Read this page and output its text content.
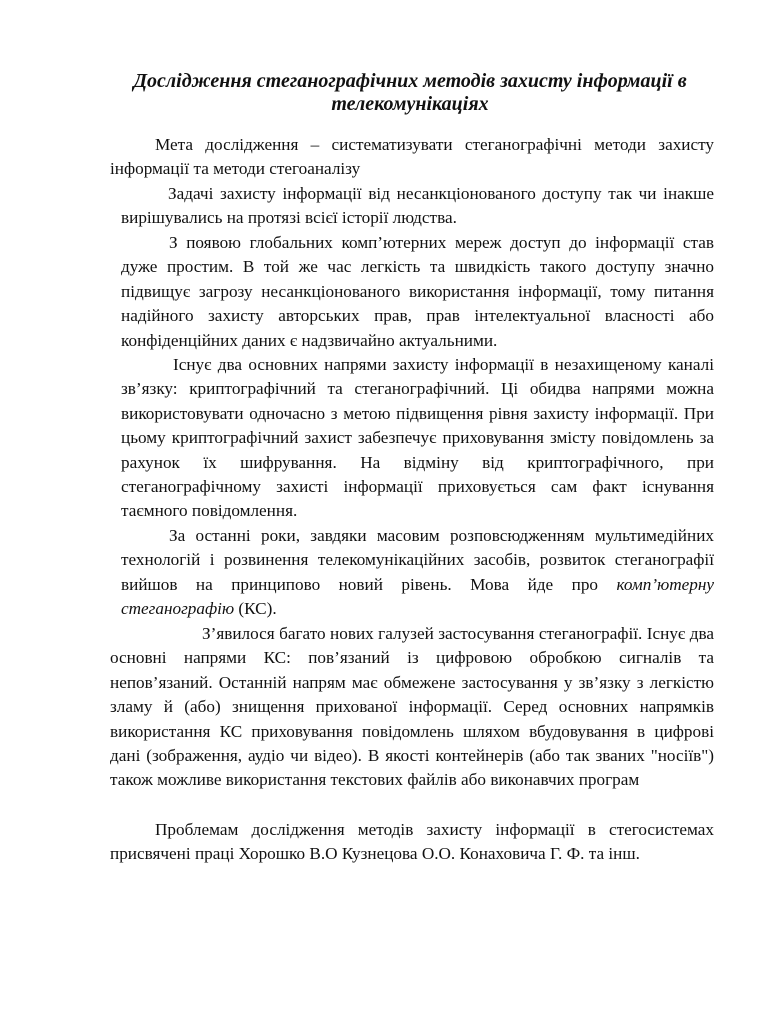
Дослідження стеганографічних методів захисту інформації в телекомунікаціях

Мета дослідження – систематизувати стеганографічні методи захисту інформації та методи стегоаналізу

Задачі захисту інформації від несанкціонованого доступу так чи інакше вирішувались на протязі всієї історії людства.

З появою глобальних комп’ютерних мереж доступ до інформації став дуже простим. В той же час легкість та швидкість такого доступу значно підвищує загрозу несанкціонованого використання інформації, тому питання надійного захисту авторських прав, прав інтелектуальної власності або конфіденційних даних є надзвичайно актуальними.

Існує два основних напрями захисту інформації в незахищеному каналі зв’язку: криптографічний та стеганографічний. Ці обидва напрями можна використовувати одночасно з метою підвищення рівня захисту інформації. При цьому криптографічний захист забезпечує приховування змісту повідомлень за рахунок їх шифрування. На відміну від криптографічного, при стеганографічному захисті інформації приховується сам факт існування таємного повідомлення.

За останні роки, завдяки масовим розповсюдженням мультимедійних технологій і розвинення телекомунікаційних засобів, розвиток стеганографії вийшов на принципово новий рівень. Мова йде про комп’ютерну стеганографію (КС).

З’явилося багато нових галузей застосування стеганографії. Існує два основні напрями КС: пов’язаний із цифровою обробкою сигналів та непов’язаний. Останній напрям має обмежене застосування у зв’язку з легкістю зламу й (або) знищення прихованої інформації. Серед основних напрямків використання КС приховування повідомлень шляхом вбудовування в цифрові дані (зображення, аудіо чи відео). В якості контейнерів (або так званих "носіїв") також можливе використання текстових файлів або виконавчих програм

Проблемам дослідження методів захисту інформації в стегосистемах присвячені праці Хорошко В.О Кузнецова О.О. Конаховича Г. Ф. та інш.
